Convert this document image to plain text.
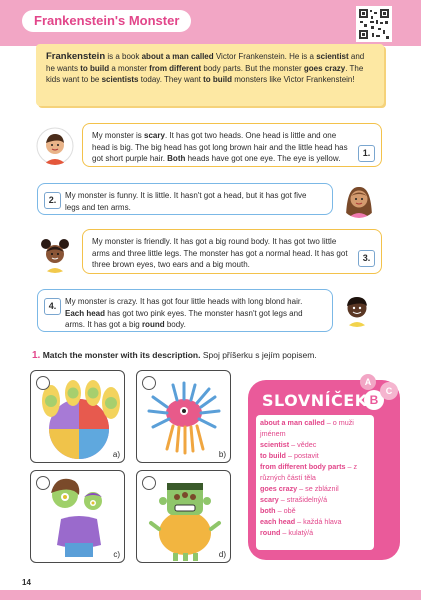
Frankenstein's Monster
Frankenstein is a book about a man called Victor Frankenstein. He is a scientist and he wants to build a monster from different body parts. But the monster goes crazy. The kids want to be scientists today. They want to build monsters like Victor Frankenstein!
My monster is scary. It has got two heads. One head is little and one head is big. The big head has got long brown hair and the little head has got short purple hair. Both heads have got one eye. The eye is yellow.
1.
2.	My monster is funny. It is little. It hasn't got a head, but it has got five legs and ten arms.
My monster is friendly. It has got a big round body. It has got two little arms and three little legs. The monster has got a normal head. It has got three brown eyes, two ears and a big mouth.
3.
4.	My monster is crazy. It has got four little heads with long blond hair. Each head has got two pink eyes. The monster hasn't got legs and arms. It has got a big round body.
1. Match the monster with its description. Spoj příšerku s jejím popisem.
a)	b)
c)	d)
A
B
C
SLOVNÍČEK
about a man called – o muži jménem
scientist – vědec
to build – postavit
from different body parts – z různých částí těla
goes crazy – se zbláznil
scary – strašidelný/á
both – obě
each head – každá hlava
round – kulatý/á
14
